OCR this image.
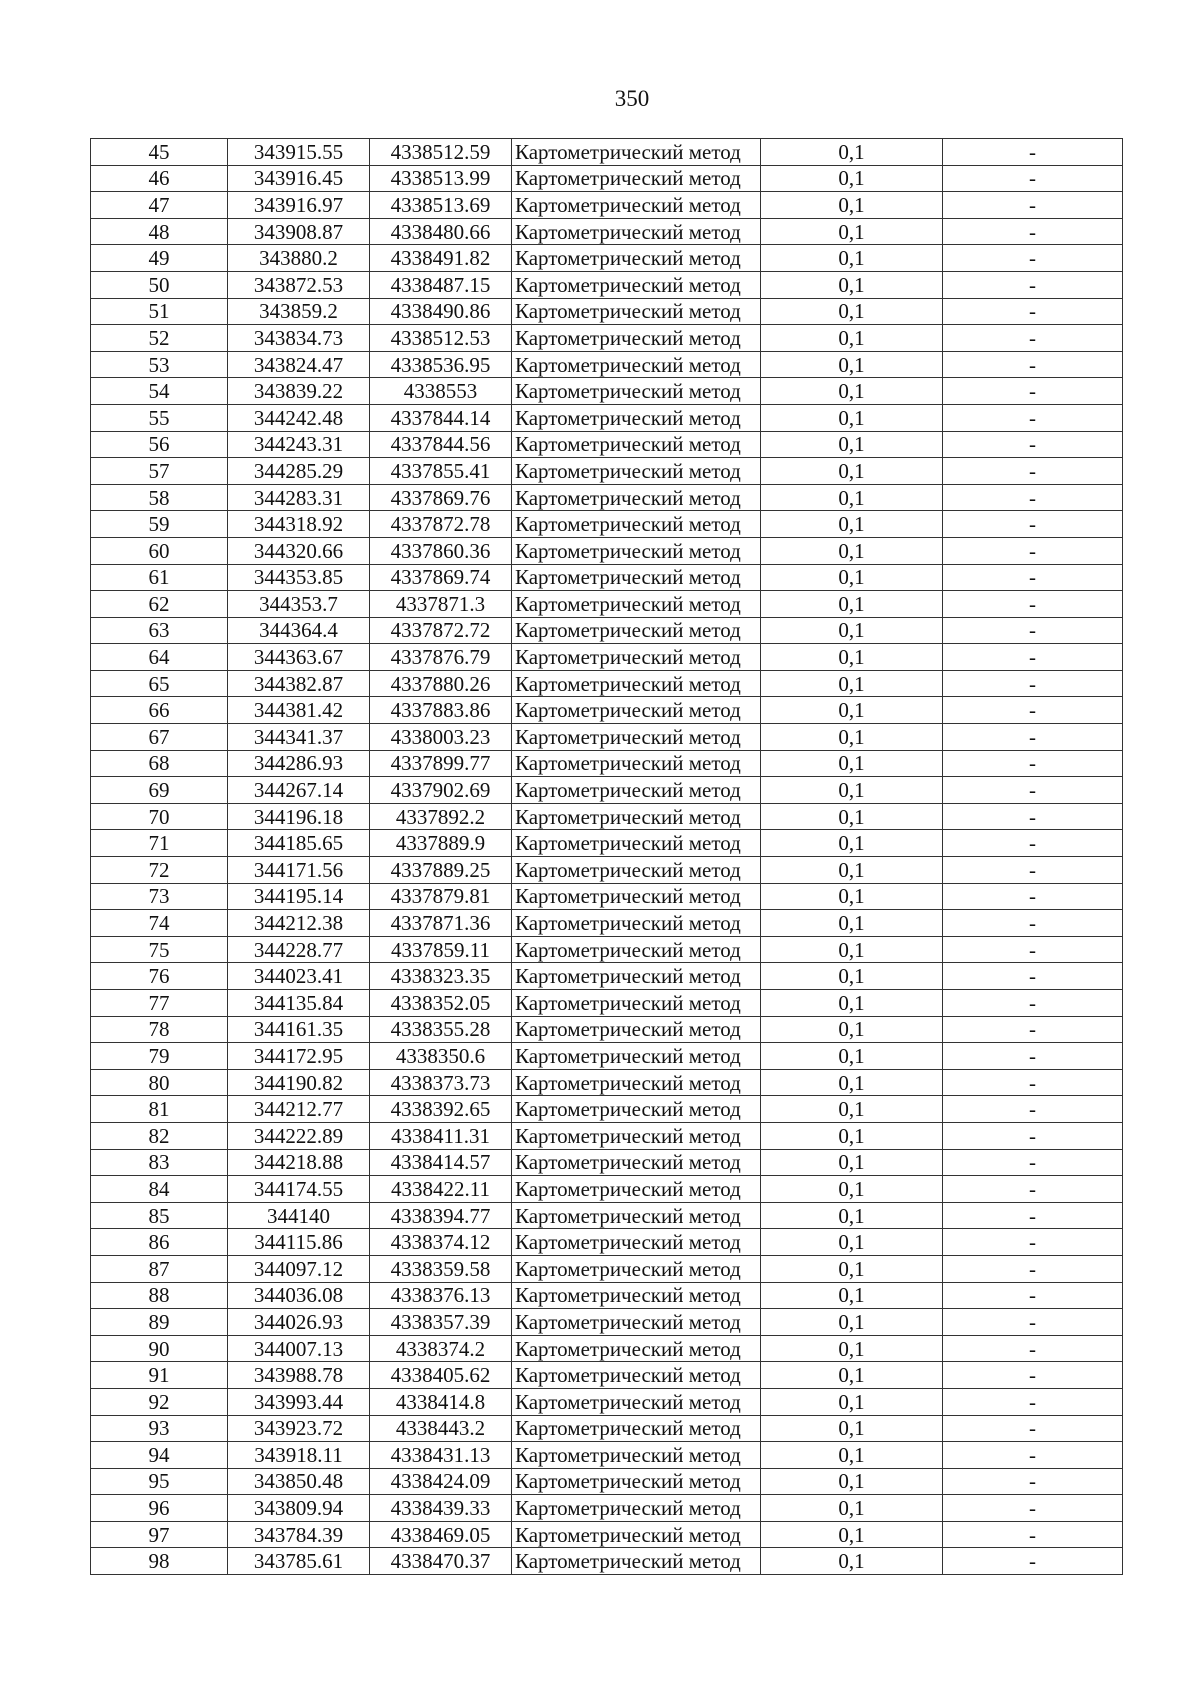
350
45	343915.55	4338512.59	Картометрический метод	0,1	-
46	343916.45	4338513.99	Картометрический метод	0,1	-
47	343916.97	4338513.69	Картометрический метод	0,1	-
48	343908.87	4338480.66	Картометрический метод	0,1	-
49	343880.2	4338491.82	Картометрический метод	0,1	-
50	343872.53	4338487.15	Картометрический метод	0,1	-
51	343859.2	4338490.86	Картометрический метод	0,1	-
52	343834.73	4338512.53	Картометрический метод	0,1	-
53	343824.47	4338536.95	Картометрический метод	0,1	-
54	343839.22	4338553	Картометрический метод	0,1	-
55	344242.48	4337844.14	Картометрический метод	0,1	-
56	344243.31	4337844.56	Картометрический метод	0,1	-
57	344285.29	4337855.41	Картометрический метод	0,1	-
58	344283.31	4337869.76	Картометрический метод	0,1	-
59	344318.92	4337872.78	Картометрический метод	0,1	-
60	344320.66	4337860.36	Картометрический метод	0,1	-
61	344353.85	4337869.74	Картометрический метод	0,1	-
62	344353.7	4337871.3	Картометрический метод	0,1	-
63	344364.4	4337872.72	Картометрический метод	0,1	-
64	344363.67	4337876.79	Картометрический метод	0,1	-
65	344382.87	4337880.26	Картометрический метод	0,1	-
66	344381.42	4337883.86	Картометрический метод	0,1	-
67	344341.37	4338003.23	Картометрический метод	0,1	-
68	344286.93	4337899.77	Картометрический метод	0,1	-
69	344267.14	4337902.69	Картометрический метод	0,1	-
70	344196.18	4337892.2	Картометрический метод	0,1	-
71	344185.65	4337889.9	Картометрический метод	0,1	-
72	344171.56	4337889.25	Картометрический метод	0,1	-
73	344195.14	4337879.81	Картометрический метод	0,1	-
74	344212.38	4337871.36	Картометрический метод	0,1	-
75	344228.77	4337859.11	Картометрический метод	0,1	-
76	344023.41	4338323.35	Картометрический метод	0,1	-
77	344135.84	4338352.05	Картометрический метод	0,1	-
78	344161.35	4338355.28	Картометрический метод	0,1	-
79	344172.95	4338350.6	Картометрический метод	0,1	-
80	344190.82	4338373.73	Картометрический метод	0,1	-
81	344212.77	4338392.65	Картометрический метод	0,1	-
82	344222.89	4338411.31	Картометрический метод	0,1	-
83	344218.88	4338414.57	Картометрический метод	0,1	-
84	344174.55	4338422.11	Картометрический метод	0,1	-
85	344140	4338394.77	Картометрический метод	0,1	-
86	344115.86	4338374.12	Картометрический метод	0,1	-
87	344097.12	4338359.58	Картометрический метод	0,1	-
88	344036.08	4338376.13	Картометрический метод	0,1	-
89	344026.93	4338357.39	Картометрический метод	0,1	-
90	344007.13	4338374.2	Картометрический метод	0,1	-
91	343988.78	4338405.62	Картометрический метод	0,1	-
92	343993.44	4338414.8	Картометрический метод	0,1	-
93	343923.72	4338443.2	Картометрический метод	0,1	-
94	343918.11	4338431.13	Картометрический метод	0,1	-
95	343850.48	4338424.09	Картометрический метод	0,1	-
96	343809.94	4338439.33	Картометрический метод	0,1	-
97	343784.39	4338469.05	Картометрический метод	0,1	-
98	343785.61	4338470.37	Картометрический метод	0,1	-
